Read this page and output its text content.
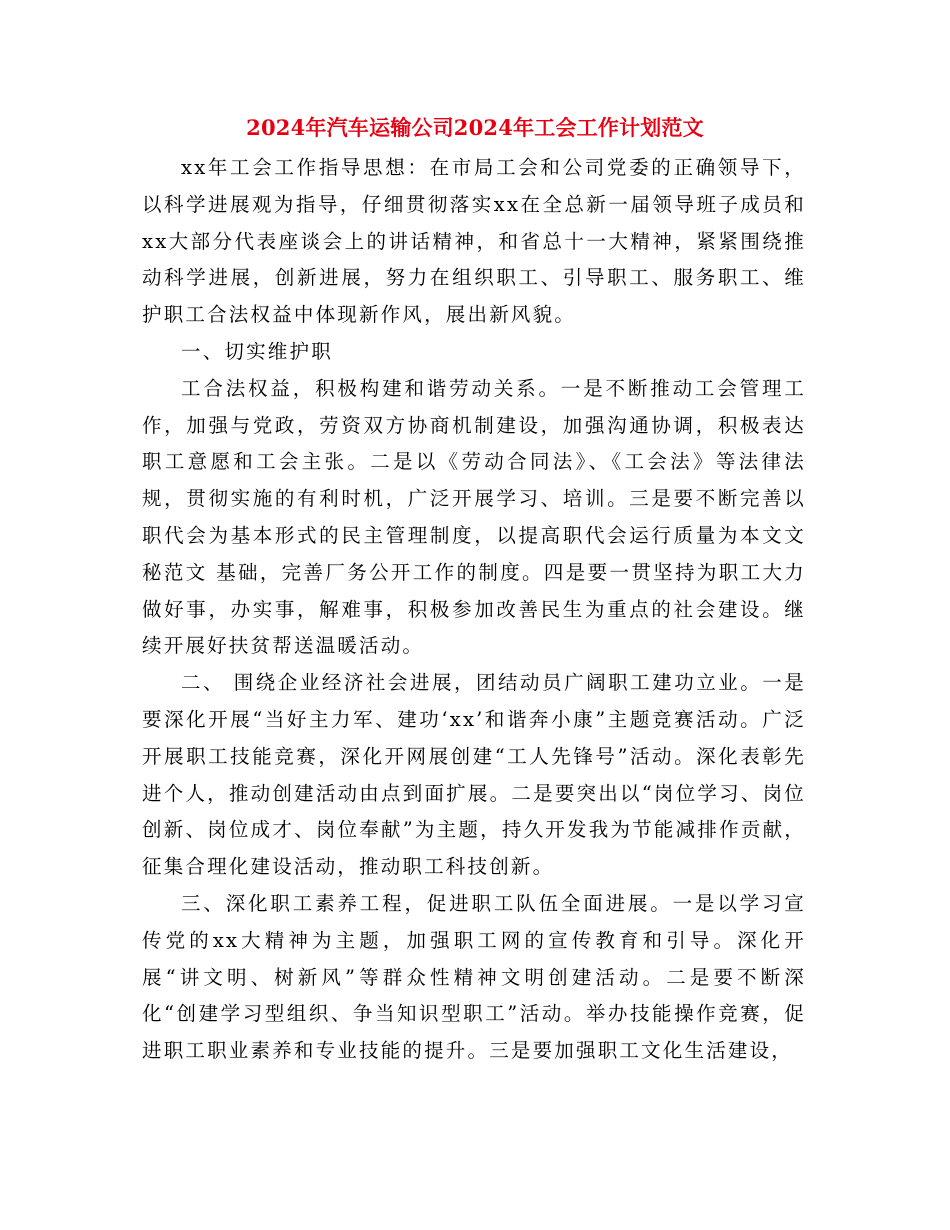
2024年汽车运输公司2024年工会工作计划范文

xx年工会工作指导思想：在市局工会和公司党委的正确领导下，以科学进展观为指导，仔细贯彻落实xx在全总新一届领导班子成员和xx大部分代表座谈会上的讲话精神，和省总十一大精神，紧紧围绕推动科学进展，创新进展，努力在组织职工、引导职工、服务职工、维护职工合法权益中体现新作风，展出新风貌。

一、切实维护职

工合法权益，积极构建和谐劳动关系。一是不断推动工会管理工作，加强与党政，劳资双方协商机制建设，加强沟通协调，积极表达职工意愿和工会主张。二是以《劳动合同法》、《工会法》等法律法规，贯彻实施的有利时机，广泛开展学习、培训。三是要不断完善以职代会为基本形式的民主管理制度，以提高职代会运行质量为本文文秘范文 基础，完善厂务公开工作的制度。四是要一贯坚持为职工大力做好事，办实事，解难事，积极参加改善民生为重点的社会建设。继续开展好扶贫帮送温暖活动。

二、 围绕企业经济社会进展，团结动员广阔职工建功立业。一是要深化开展“当好主力军、建功‘xx’和谐奔小康”主题竞赛活动。广泛开展职工技能竞赛，深化开网展创建“工人先锋号”活动。深化表彰先进个人，推动创建活动由点到面扩展。二是要突出以“岗位学习、岗位创新、岗位成才、岗位奉献”为主题，持久开发我为节能减排作贡献，征集合理化建设活动，推动职工科技创新。

三、深化职工素养工程，促进职工队伍全面进展。一是以学习宣传党的xx大精神为主题，加强职工网的宣传教育和引导。深化开展“讲文明、树新风”等群众性精神文明创建活动。二是要不断深化“创建学习型组织、争当知识型职工”活动。举办技能操作竞赛，促进职工职业素养和专业技能的提升。三是要加强职工文化生活建设，
